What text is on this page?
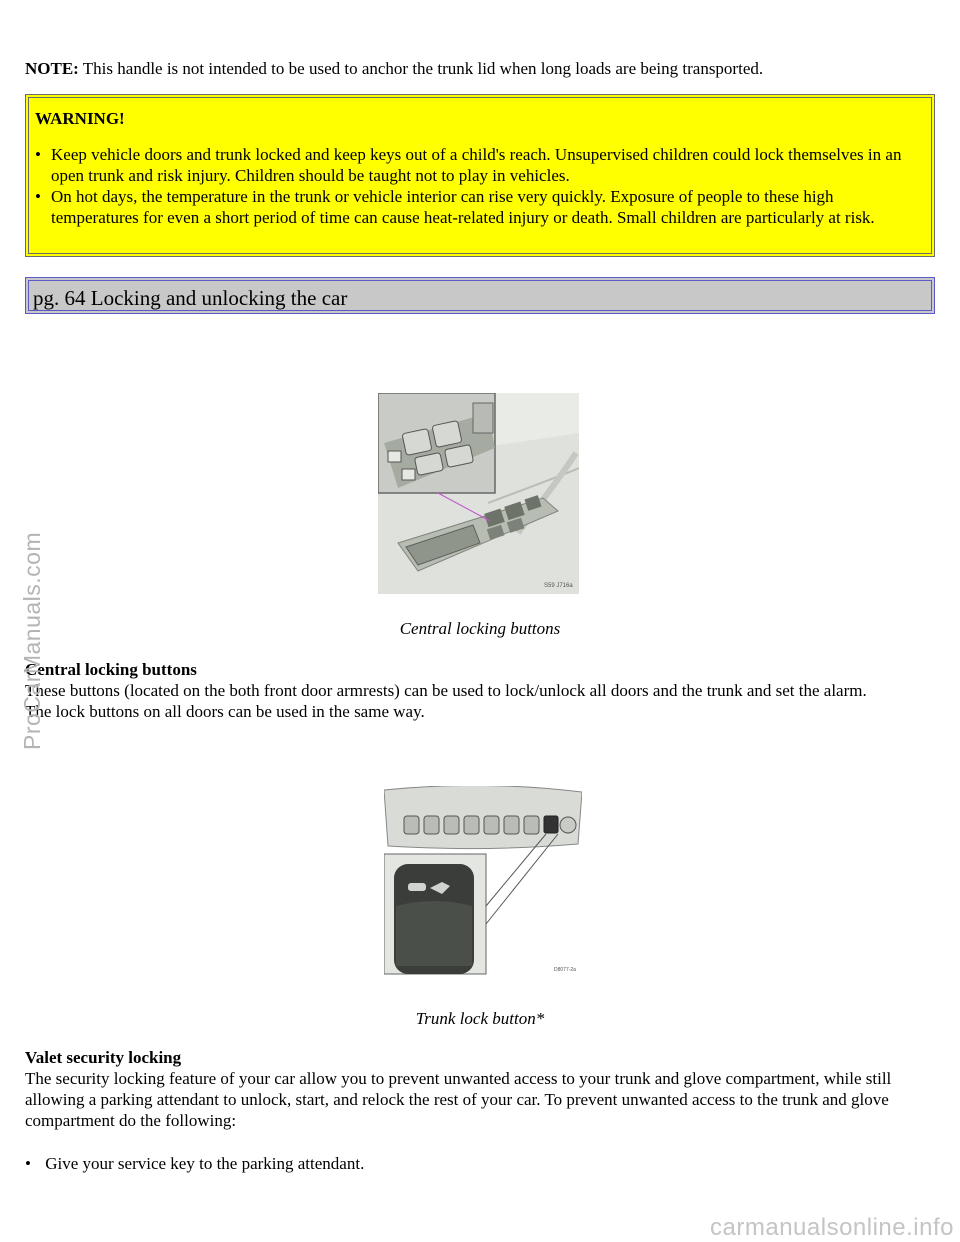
NOTE: This handle is not intended to be used to anchor the trunk lid when long loads are being transported.
WARNING!

• Keep vehicle doors and trunk locked and keep keys out of a child's reach. Unsupervised children could lock themselves in an open trunk and risk injury. Children should be taught not to play in vehicles.

• On hot days, the temperature in the trunk or vehicle interior can rise very quickly. Exposure of people to these high temperatures for even a short period of time can cause heat-related injury or death. Small children are particularly at risk.

pg. 64 Locking and unlocking the car
S59 J716a
Central locking buttons
Central locking buttons
These buttons (located on the both front door armrests) can be used to lock/unlock all doors and the trunk and set the alarm.
The lock buttons on all doors can be used in the same way.
D8077-2a
Trunk lock button*
Valet security locking
The security locking feature of your car allow you to prevent unwanted access to your trunk and glove compartment, while still allowing a parking attendant to unlock, start, and relock the rest of your car. To prevent unwanted access to the trunk and glove compartment do the following:
• Give your service key to the parking attendant.
ProCarManuals.com
carmanualsonline.info
